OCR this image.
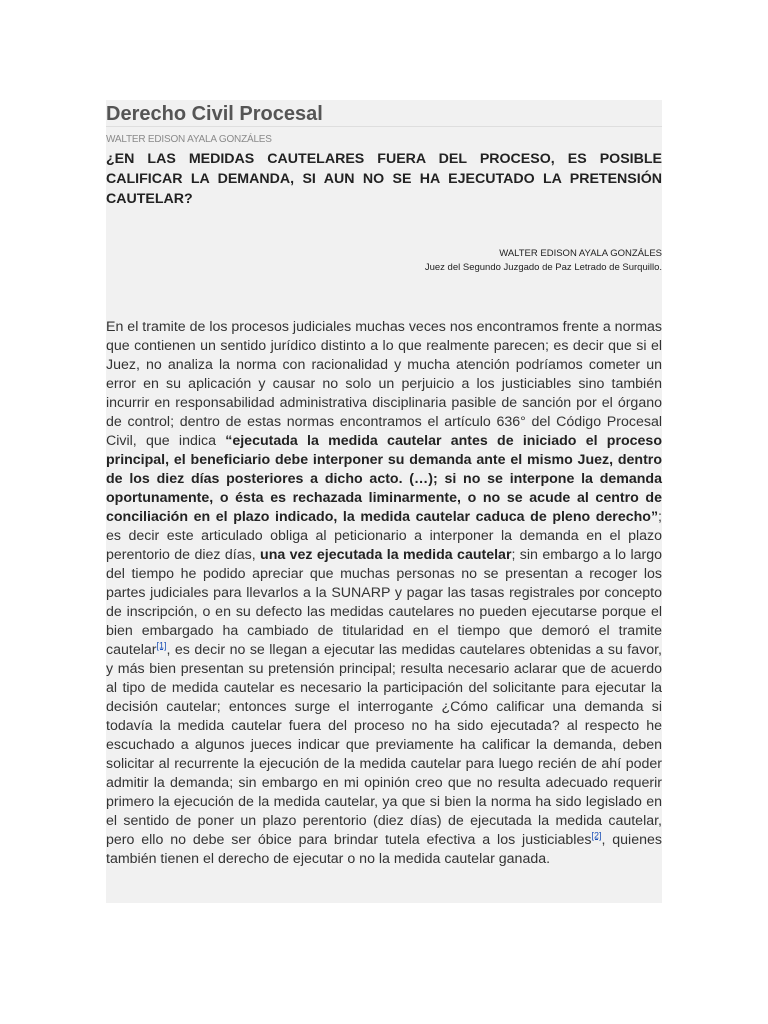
Derecho Civil Procesal

WALTER EDISON AYALA GONZÁLES

¿EN LAS MEDIDAS CAUTELARES FUERA DEL PROCESO, ES POSIBLE CALIFICAR LA DEMANDA, SI AUN NO SE HA EJECUTADO LA PRETENSIÓN CAUTELAR?

WALTER EDISON AYALA GONZÁLES
Juez del Segundo Juzgado de Paz Letrado de Surquillo.

En el tramite de los procesos judiciales muchas veces nos encontramos frente a normas que contienen un sentido jurídico distinto a lo que realmente parecen; es decir que si el Juez, no analiza la norma con racionalidad y mucha atención podríamos cometer un error en su aplicación y causar no solo un perjuicio a los justiciables sino también incurrir en responsabilidad administrativa disciplinaria pasible de sanción por el órgano de control; dentro de estas normas encontramos el artículo 636° del Código Procesal Civil, que indica “ejecutada la medida cautelar antes de iniciado el proceso principal, el beneficiario debe interponer su demanda ante el mismo Juez, dentro de los diez días posteriores a dicho acto. (…); si no se interpone la demanda oportunamente, o ésta es rechazada liminarmente, o no se acude al centro de conciliación en el plazo indicado, la medida cautelar caduca de pleno derecho”; es decir este articulado obliga al peticionario a interponer la demanda en el plazo perentorio de diez días, una vez ejecutada la medida cautelar; sin embargo a lo largo del tiempo he podido apreciar que muchas personas no se presentan a recoger los partes judiciales para llevarlos a la SUNARP y pagar las tasas registrales por concepto de inscripción, o en su defecto las medidas cautelares no pueden ejecutarse porque el bien embargado ha cambiado de titularidad en el tiempo que demoró el tramite cautelar[1], es decir no se llegan a ejecutar las medidas cautelares obtenidas a su favor, y más bien presentan su pretensión principal; resulta necesario aclarar que de acuerdo al tipo de medida cautelar es necesario la participación del solicitante para ejecutar la decisión cautelar; entonces surge el interrogante ¿Cómo calificar una demanda si todavía la medida cautelar fuera del proceso no ha sido ejecutada? al respecto he escuchado a algunos jueces indicar que previamente ha calificar la demanda, deben solicitar al recurrente la ejecución de la medida cautelar para luego recién de ahí poder admitir la demanda; sin embargo en mi opinión creo que no resulta adecuado requerir primero la ejecución de la medida cautelar, ya que si bien la norma ha sido legislado en el sentido de poner un plazo perentorio (diez días) de ejecutada la medida cautelar, pero ello no debe ser óbice para brindar tutela efectiva a los justiciables[2], quienes también tienen el derecho de ejecutar o no la medida cautelar ganada.
